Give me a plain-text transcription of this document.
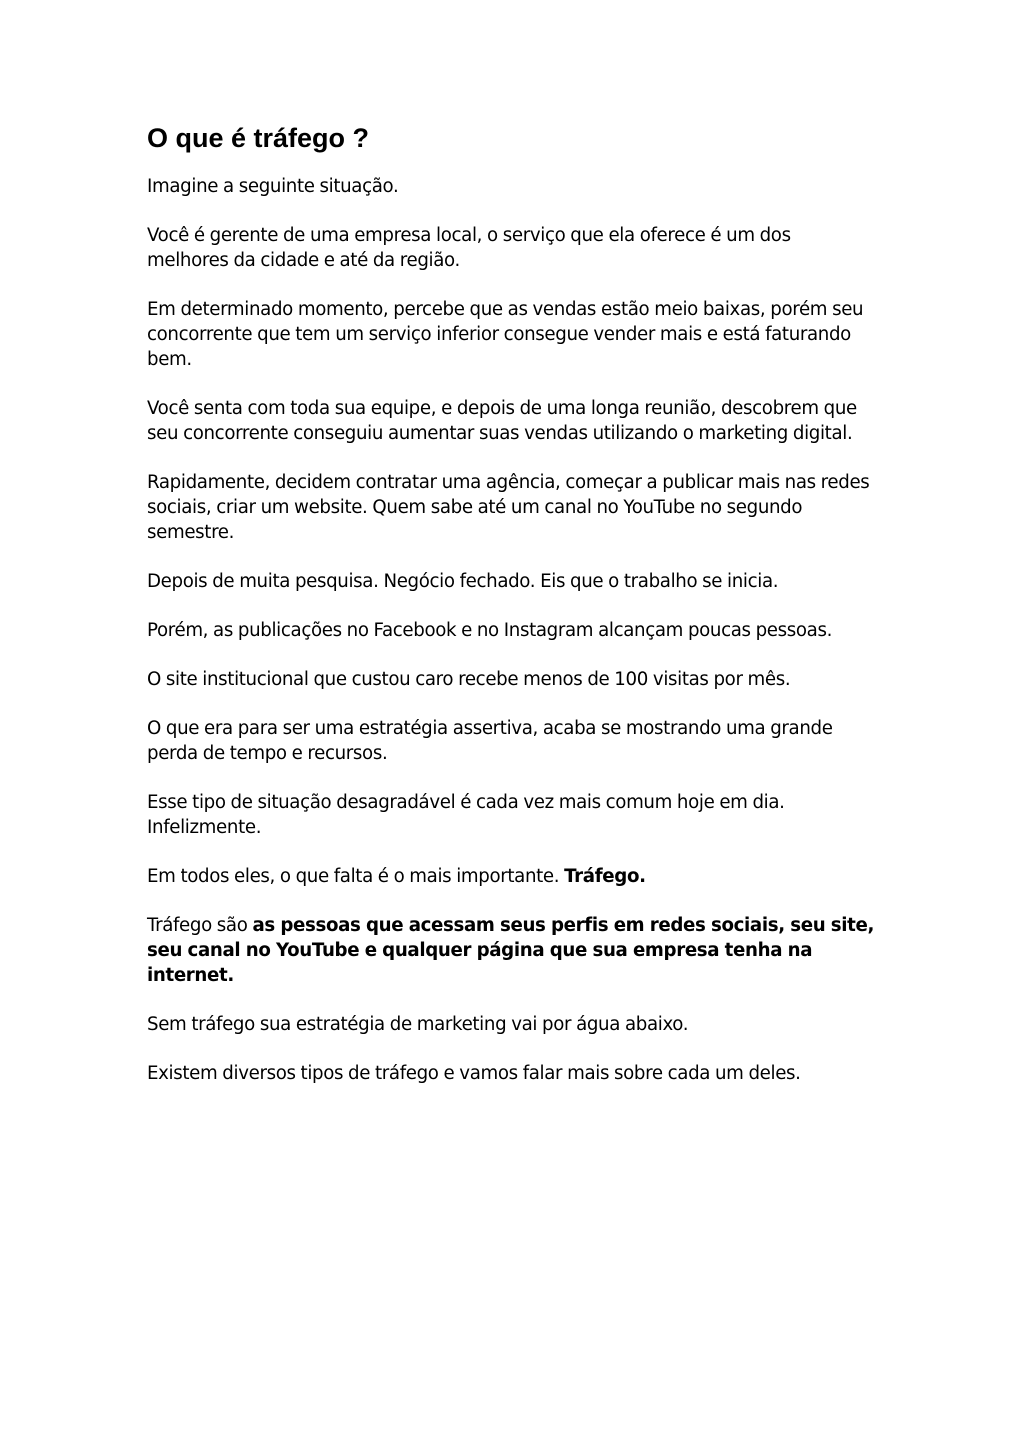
O que é tráfego ?

Imagine a seguinte situação.

Você é gerente de uma empresa local, o serviço que ela oferece é um dos melhores da cidade e até da região.

Em determinado momento, percebe que as vendas estão meio baixas, porém seu concorrente que tem um serviço inferior consegue vender mais e está faturando bem.

Você senta com toda sua equipe, e depois de uma longa reunião, descobrem que seu concorrente conseguiu aumentar suas vendas utilizando o marketing digital.

Rapidamente, decidem contratar uma agência, começar a publicar mais nas redes sociais, criar um website. Quem sabe até um canal no YouTube no segundo semestre.

Depois de muita pesquisa. Negócio fechado. Eis que o trabalho se inicia.

Porém, as publicações no Facebook e no Instagram alcançam poucas pessoas.

O site institucional que custou caro recebe menos de 100 visitas por mês.

O que era para ser uma estratégia assertiva, acaba se mostrando uma grande perda de tempo e recursos.

Esse tipo de situação desagradável é cada vez mais comum hoje em dia. Infelizmente.

Em todos eles, o que falta é o mais importante. Tráfego.

Tráfego são as pessoas que acessam seus perfis em redes sociais, seu site, seu canal no YouTube e qualquer página que sua empresa tenha na internet.

Sem tráfego sua estratégia de marketing vai por água abaixo.

Existem diversos tipos de tráfego e vamos falar mais sobre cada um deles.
